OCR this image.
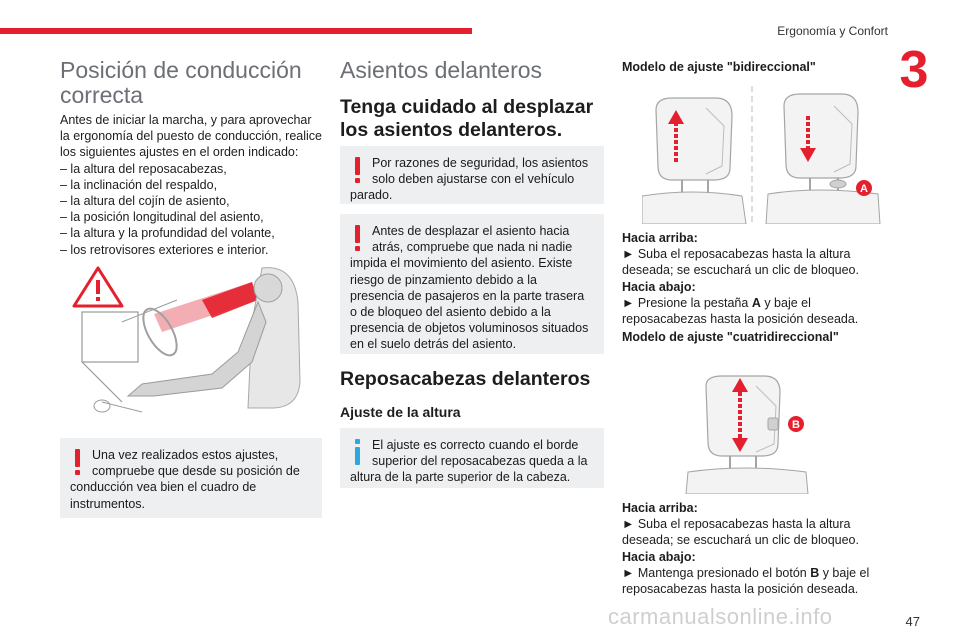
Ergonomía y Confort
3
Posición de conducción correcta
Antes de iniciar la marcha, y para aprovechar la ergonomía del puesto de conducción, realice los siguientes ajustes en el orden indicado:
– la altura del reposacabezas,
– la inclinación del respaldo,
– la altura del cojín de asiento,
– la posición longitudinal del asiento,
– la altura y la profundidad del volante,
– los retrovisores exteriores e interior.
Una vez realizados estos ajustes, compruebe que desde su posición de conducción vea bien el cuadro de instrumentos.
Asientos delanteros
Tenga cuidado al desplazar los asientos delanteros.
Por razones de seguridad, los asientos solo deben ajustarse con el vehículo parado.
Antes de desplazar el asiento hacia atrás, compruebe que nada ni nadie impida el movimiento del asiento. Existe riesgo de pinzamiento debido a la presencia de pasajeros en la parte trasera o de bloqueo del asiento debido a la presencia de objetos voluminosos situados en el suelo detrás del asiento.
Reposacabezas delanteros
Ajuste de la altura
El ajuste es correcto cuando el borde superior del reposacabezas queda a la altura de la parte superior de la cabeza.
Modelo de ajuste "bidireccional"
A
Hacia arriba:
► Suba el reposacabezas hasta la altura deseada; se escuchará un clic de bloqueo.
Hacia abajo:
► Presione la pestaña A y baje el reposacabezas hasta la posición deseada.
Modelo de ajuste "cuatridireccional"
B
Hacia arriba:
► Suba el reposacabezas hasta la altura deseada; se escuchará un clic de bloqueo.
Hacia abajo:
► Mantenga presionado el botón B y baje el reposacabezas hasta la posición deseada.
carmanualsonline.info	47
